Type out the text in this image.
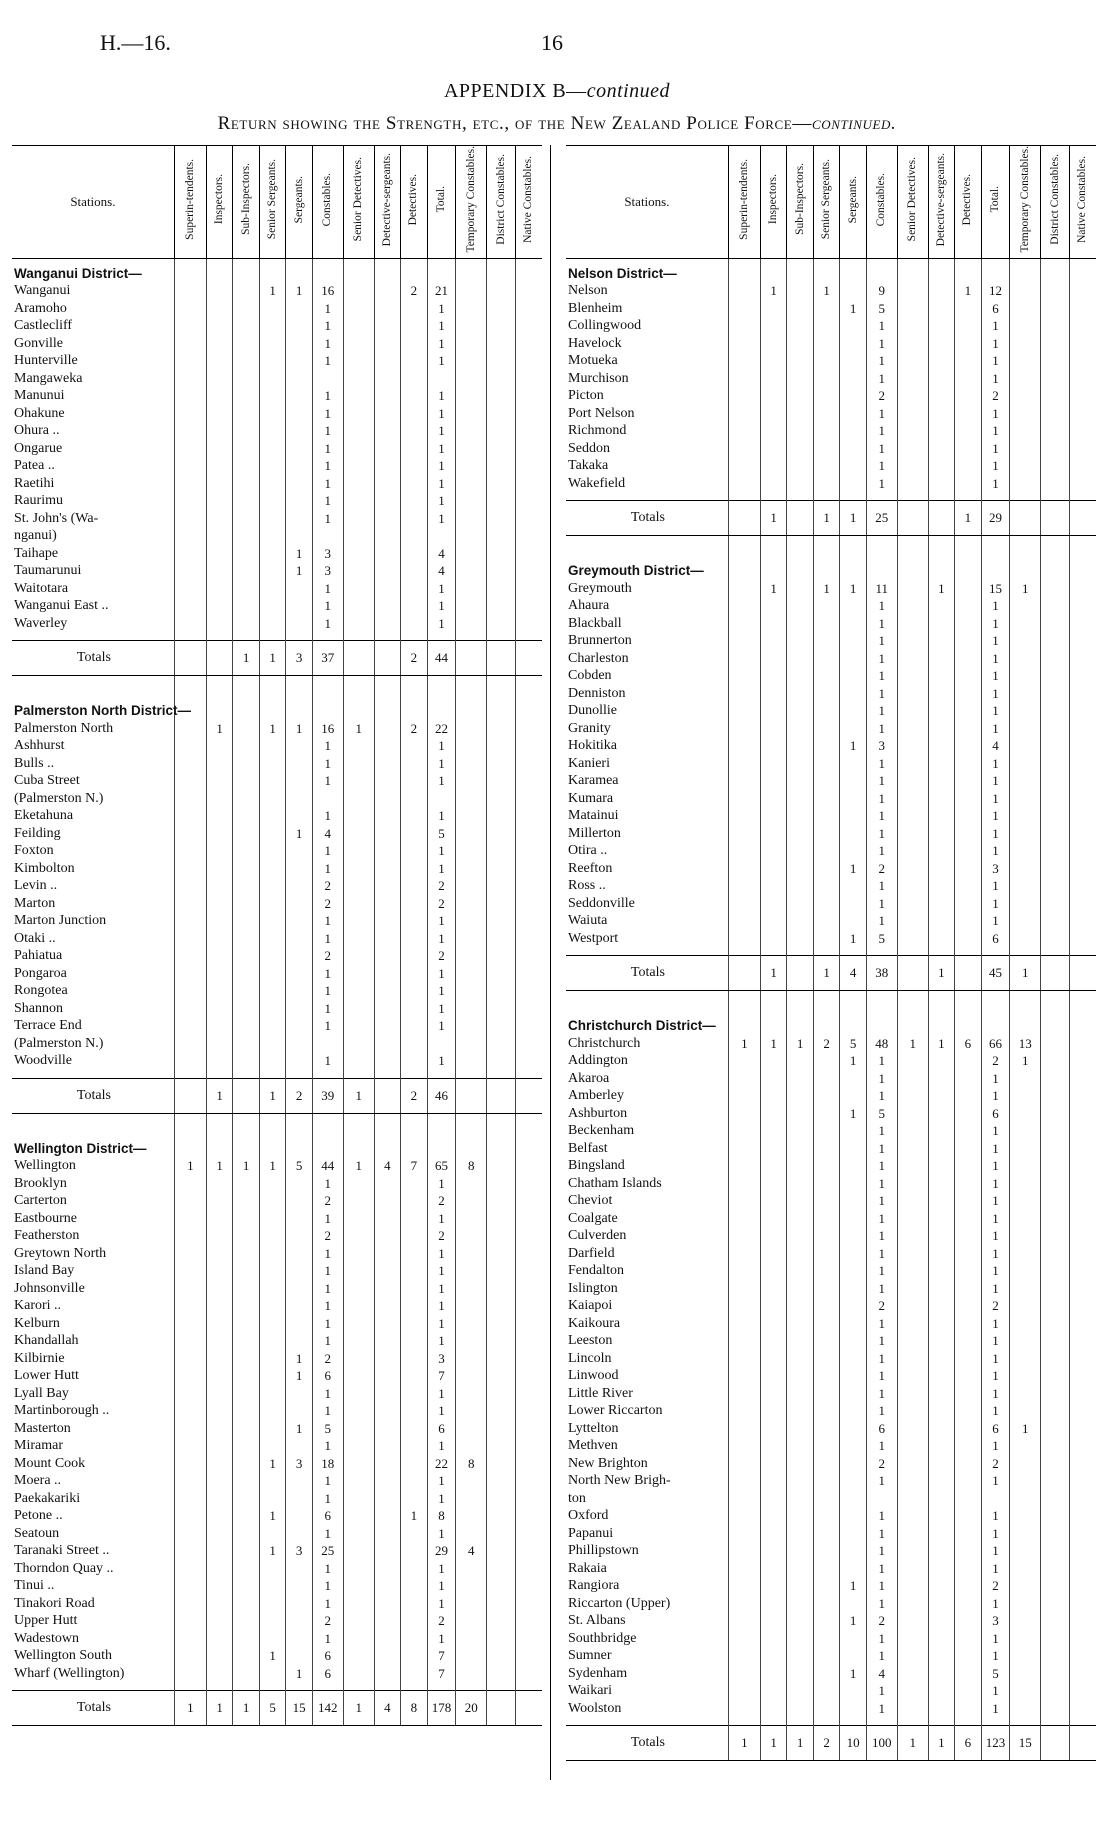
H.—16.	16
APPENDIX B—continued
Return showing the Strength, etc., of the New Zealand Police Force—continued.
Stations.	Superin-tendents.	Inspectors.	Sub-Inspectors.	Senior Sergeants.	Sergeants.	Constables.	Senior Detectives.	Detective-sergeants.	Detectives.	Total.	Temporary Constables.	District Constables.	Native Constables.
Wanganui District—													
Wanganui				1	1	16			2	21			
Aramoho						1				1			
Castlecliff						1				1			
Gonville						1				1			
Hunterville						1				1			
Mangaweka													
Manunui						1				1			
Ohakune						1				1			
Ohura ..						1				1			
Ongarue						1				1			
Patea ..						1				1			
Raetihi						1				1			
Raurimu						1				1			
St. John's (Wa-						1				1			
nganui)													
Taihape					1	3				4			
Taumarunui					1	3				4			
Waitotara						1				1			
Wanganui East ..						1				1			
Waverley						1				1			

Totals			1	1	3	37			2	44			

Palmerston North District—													
Palmerston North		1		1	1	16	1		2	22			
Ashhurst						1				1			
Bulls ..						1				1			
Cuba Street						1				1			
(Palmerston N.)													
Eketahuna						1				1			
Feilding					1	4				5			
Foxton						1				1			
Kimbolton						1				1			
Levin ..						2				2			
Marton						2				2			
Marton Junction						1				1			
Otaki ..						1				1			
Pahiatua						2				2			
Pongaroa						1				1			
Rongotea						1				1			
Shannon						1				1			
Terrace End						1				1			
(Palmerston N.)													
Woodville						1				1			

Totals		1		1	2	39	1		2	46			

Wellington District—													
Wellington	1	1	1	1	5	44	1	4	7	65	8		
Brooklyn						1				1			
Carterton						2				2			
Eastbourne						1				1			
Featherston						2				2			
Greytown North						1				1			
Island Bay						1				1			
Johnsonville						1				1			
Karori ..						1				1			
Kelburn						1				1			
Khandallah						1				1			
Kilbirnie					1	2				3			
Lower Hutt					1	6				7			
Lyall Bay						1				1			
Martinborough ..						1				1			
Masterton					1	5				6			
Miramar						1				1			
Mount Cook				1	3	18				22	8		
Moera ..						1				1			
Paekakariki						1				1			
Petone ..				1		6			1	8			
Seatoun						1				1			
Taranaki Street ..				1	3	25				29	4		
Thorndon Quay ..						1				1			
Tinui ..						1				1			
Tinakori Road						1				1			
Upper Hutt						2				2			
Wadestown						1				1			
Wellington South				1		6				7			
Wharf (Wellington)					1	6				7			

Totals	1	1	1	5	15	142	1	4	8	178	20		
Stations.	Superin-tendents.	Inspectors.	Sub-Inspectors.	Senior Sergeants.	Sergeants.	Constables.	Senior Detectives.	Detective-sergeants.	Detectives.	Total.	Temporary Constables.	District Constables.	Native Constables.
Nelson District—													
Nelson		1		1		9			1	12			
Blenheim					1	5				6			
Collingwood						1				1			
Havelock						1				1			
Motueka						1				1			
Murchison						1				1			
Picton						2				2			
Port Nelson						1				1			
Richmond						1				1			
Seddon						1				1			
Takaka						1				1			
Wakefield						1				1			

Totals		1		1	1	25			1	29			

Greymouth District—													
Greymouth		1		1	1	11		1		15	1		
Ahaura						1				1			
Blackball						1				1			
Brunnerton						1				1			
Charleston						1				1			
Cobden						1				1			
Denniston						1				1			
Dunollie						1				1			
Granity						1				1			
Hokitika					1	3				4			
Kanieri						1				1			
Karamea						1				1			
Kumara						1				1			
Matainui						1				1			
Millerton						1				1			
Otira ..						1				1			
Reefton					1	2				3			
Ross ..						1				1			
Seddonville						1				1			
Waiuta						1				1			
Westport					1	5				6			

Totals		1		1	4	38		1		45	1		

Christchurch District—													
Christchurch	1	1	1	2	5	48	1	1	6	66	13		
Addington					1	1				2	1		
Akaroa						1				1			
Amberley						1				1			
Ashburton					1	5				6			
Beckenham						1				1			
Belfast						1				1			
Bingsland						1				1			
Chatham Islands						1				1			
Cheviot						1				1			
Coalgate						1				1			
Culverden						1				1			
Darfield						1				1			
Fendalton						1				1			
Islington						1				1			
Kaiapoi						2				2			
Kaikoura						1				1			
Leeston						1				1			
Lincoln						1				1			
Linwood						1				1			
Little River						1				1			
Lower Riccarton						1				1			
Lyttelton						6				6	1		
Methven						1				1			
New Brighton						2				2			
North New Brigh-						1				1			
ton													
Oxford						1				1			
Papanui						1				1			
Phillipstown						1				1			
Rakaia						1				1			
Rangiora					1	1				2			
Riccarton (Upper)						1				1			
St. Albans					1	2				3			
Southbridge						1				1			
Sumner						1				1			
Sydenham					1	4				5			
Waikari						1				1			
Woolston						1				1			

Totals	1	1	1	2	10	100	1	1	6	123	15		
